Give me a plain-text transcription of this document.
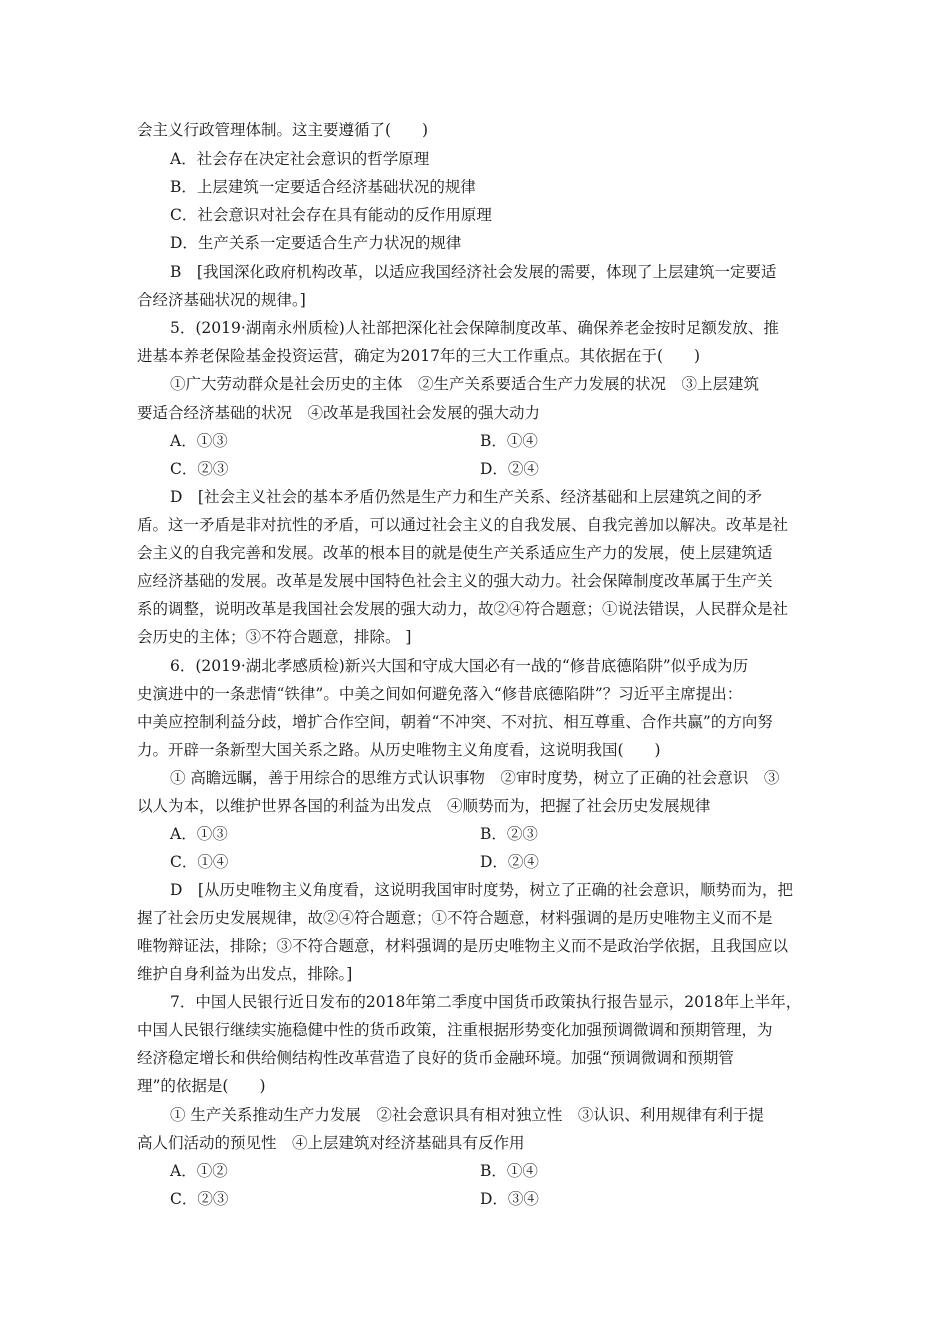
会主义行政管理体制。这主要遵循了(　　)
A．社会存在决定社会意识的哲学原理
B．上层建筑一定要适合经济基础状况的规律
C．社会意识对社会存在具有能动的反作用原理
D．生产关系一定要适合生产力状况的规律
B　[我国深化政府机构改革，以适应我国经济社会发展的需要，体现了上层建筑一定要适
合经济基础状况的规律。]
5．(2019·湖南永州质检)人社部把深化社会保障制度改革、确保养老金按时足额发放、推
进基本养老保险基金投资运营，确定为2017年的三大工作重点。其依据在于(　　)
①广大劳动群众是社会历史的主体　②生产关系要适合生产力发展的状况　③上层建筑
要适合经济基础的状况　④改革是我国社会发展的强大动力
A．①③	B．①④
C．②③	D．②④
D　[社会主义社会的基本矛盾仍然是生产力和生产关系、经济基础和上层建筑之间的矛
盾。这一矛盾是非对抗性的矛盾，可以通过社会主义的自我发展、自我完善加以解决。改革是社
会主义的自我完善和发展。改革的根本目的就是使生产关系适应生产力的发展，使上层建筑适
应经济基础的发展。改革是发展中国特色社会主义的强大动力。社会保障制度改革属于生产关
系的调整，说明改革是我国社会发展的强大动力，故②④符合题意；①说法错误，人民群众是社
会历史的主体；③不符合题意，排除。 ]
6．(2019·湖北孝感质检)新兴大国和守成大国必有一战的“修昔底德陷阱”似乎成为历
史演进中的一条悲情“铁律”。中美之间如何避免落入“修昔底德陷阱”？习近平主席提出：
中美应控制利益分歧，增扩合作空间，朝着“不冲突、不对抗、相互尊重、合作共赢”的方向努
力。开辟一条新型大国关系之路。从历史唯物主义角度看，这说明我国(　　)
① 高瞻远瞩，善于用综合的思维方式认识事物　②审时度势，树立了正确的社会意识　③
以人为本，以维护世界各国的利益为出发点　④顺势而为，把握了社会历史发展规律
A．①③	B．②③
C．①④	D．②④
D　[从历史唯物主义角度看，这说明我国审时度势，树立了正确的社会意识，顺势而为，把
握了社会历史发展规律，故②④符合题意；①不符合题意，材料强调的是历史唯物主义而不是
唯物辩证法，排除；③不符合题意，材料强调的是历史唯物主义而不是政治学依据，且我国应以
维护自身利益为出发点，排除。]
7．中国人民银行近日发布的2018年第二季度中国货币政策执行报告显示，2018年上半年，
中国人民银行继续实施稳健中性的货币政策，注重根据形势变化加强预调微调和预期管理，为
经济稳定增长和供给侧结构性改革营造了良好的货币金融环境。加强“预调微调和预期管
理”的依据是(　　)
① 生产关系推动生产力发展　②社会意识具有相对独立性　③认识、利用规律有利于提
高人们活动的预见性　④上层建筑对经济基础具有反作用
A．①②	B．①④
C．②③	D．③④
